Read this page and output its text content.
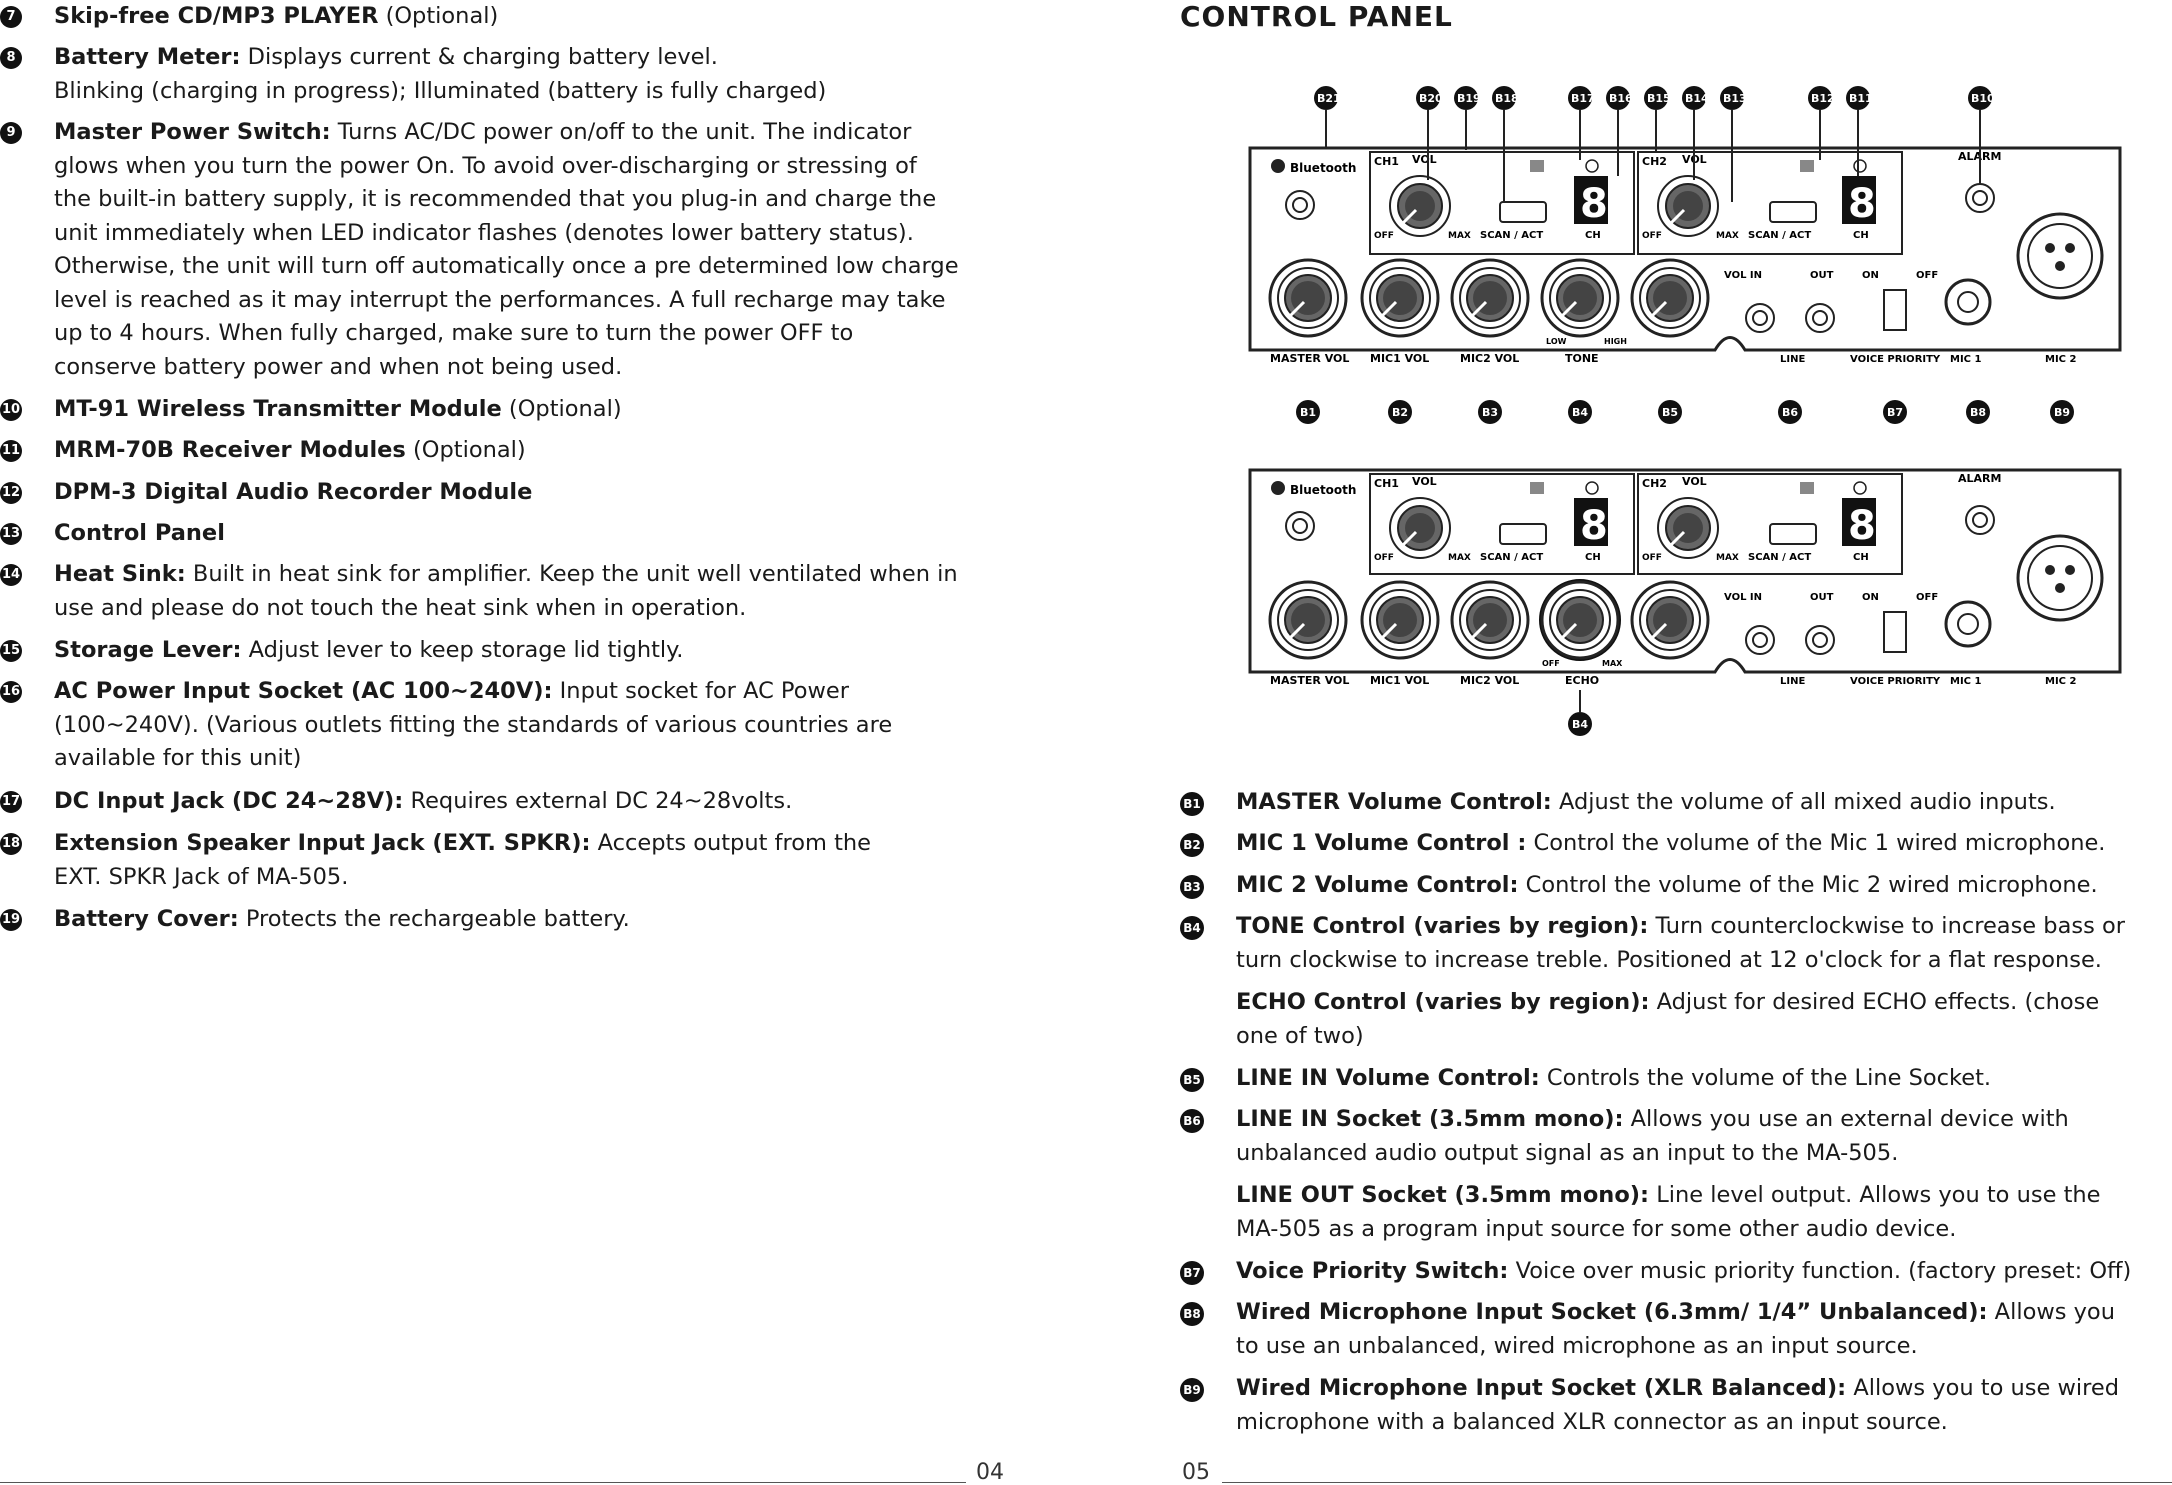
7 Skip-free CD/MP3 PLAYER (Optional)
8 Battery Meter: Displays current & charging battery level.
Blinking (charging in progress); Illuminated (battery is fully charged)
9 Master Power Switch: Turns AC/DC power on/off to the unit. The indicator
glows when you turn the power On. To avoid over-discharging or stressing of
the built-in battery supply, it is recommended that you plug-in and charge the
unit immediately when LED indicator flashes (denotes lower battery status).
Otherwise, the unit will turn off automatically once a pre determined low charge
level is reached as it may interrupt the performances. A full recharge may take
up to 4 hours. When fully charged, make sure to turn the power OFF to
conserve battery power and when not being used.

10 MT-91 Wireless Transmitter Module (Optional)
11 MRM-70B Receiver Modules (Optional)
12 DPM-3 Digital Audio Recorder Module
13 Control Panel
14 Heat Sink: Built in heat sink for amplifier. Keep the unit well ventilated when in
use and please do not touch the heat sink when in operation.
15 Storage Lever: Adjust lever to keep storage lid tightly.
16 AC Power Input Socket (AC 100~240V): Input socket for AC Power
(100~240V). (Various outlets fitting the standards of various countries are
available for this unit)
17 DC Input Jack (DC 24~28V): Requires external DC 24~28volts.
18 Extension Speaker Input Jack (EXT. SPKR): Accepts output from the
EXT. SPKR Jack of MA-505.
19 Battery Cover: Protects the rechargeable battery.
04	05
CONTROL PANEL
Bluetooth CH1 VOL
OFF	MAX SCAN / ACT
8
CH
CH2 VOL
OFF	MAX SCAN / ACT
8
CH
ALARM
MASTER VOL MIC1 VOL	MIC2 VOL	TONE
LOW	HIGH
VOL IN	OUT
LINE
ON	OFF
VOICE PRIORITY MIC 1	MIC 2
B21	B20 B19 B18	B17 B16 B15 B14 B13	B12 B11	B10
B1	B2	B3	B4	B5	B6	B7	B8	B9
Bluetooth CH1 VOL
OFF	MAX SCAN / ACT
8
CH
CH2 VOL
OFF	MAX SCAN / ACT
8
CH
ALARM
MASTER VOL MIC1 VOL	MIC2 VOL	ECHO
OFF	MAX
VOL IN	OUT
LINE
ON	OFF
VOICE PRIORITY MIC 1	MIC 2
B4
B1 MASTER Volume Control: Adjust the volume of all mixed audio inputs.
B2 MIC 1 Volume Control : Control the volume of the Mic 1 wired microphone.
B3 MIC 2 Volume Control: Control the volume of the Mic 2 wired microphone.
B4 TONE Control (varies by region): Turn counterclockwise to increase bass or
turn clockwise to increase treble. Positioned at 12 o'clock for a flat response.
ECHO Control (varies by region): Adjust for desired ECHO effects. (chose
one of two)
B5 LINE IN Volume Control: Controls the volume of the Line Socket.
B6 LINE IN Socket (3.5mm mono): Allows you use an external device with
unbalanced audio output signal as an input to the MA-505.
LINE OUT Socket (3.5mm mono): Line level output. Allows you to use the
MA-505 as a program input source for some other audio device.
B7 Voice Priority Switch: Voice over music priority function. (factory preset: Off)
B8 Wired Microphone Input Socket (6.3mm/ 1/4” Unbalanced): Allows you
to use an unbalanced, wired microphone as an input source.
B9 Wired Microphone Input Socket (XLR Balanced): Allows you to use wired
microphone with a balanced XLR connector as an input source.
